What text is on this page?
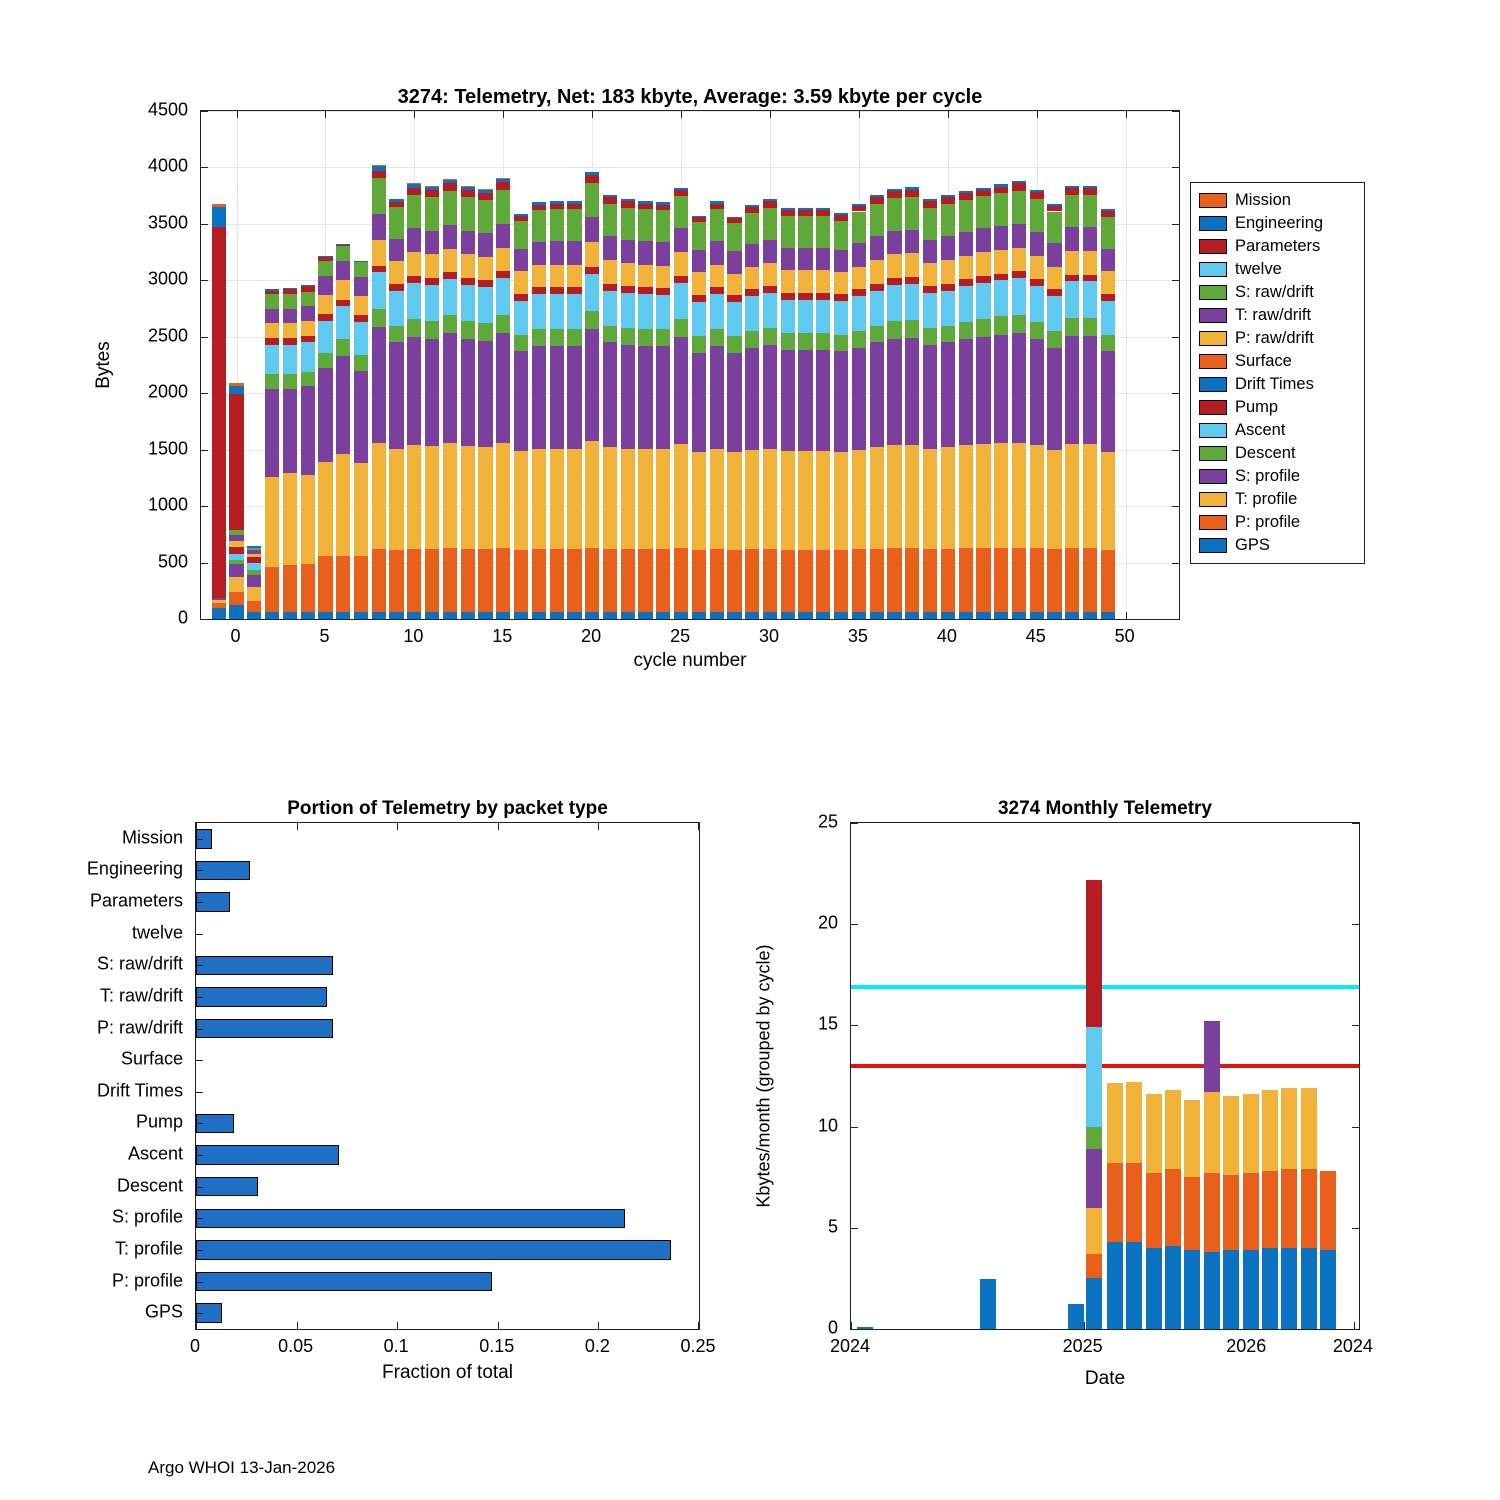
3274: Telemetry, Net: 183 kbyte, Average: 3.59 kbyte per cycle
Bytes
cycle number
0
500
1000
1500
2000
2500
3000
3500
4000
4500
0	5	10	15	20	25	30	35	40	45	50
Mission
Engineering
Parameters
twelve
S: raw/drift
T: raw/drift
P: raw/drift
Surface
Drift Times
Pump
Ascent
Descent
S: profile
T: profile
P: profile
GPS
Portion of Telemetry by packet type
Fraction of total
0	0.05	0.1	0.15	0.2	0.25
Mission
Engineering
Parameters
twelve
S: raw/drift
T: raw/drift
P: raw/drift
Surface
Drift Times
Pump
Ascent
Descent
S: profile
T: profile
P: profile
GPS
3274 Monthly Telemetry
Kbytes/month (grouped by cycle)
Date
0
5
10
15
20
25
2024	2025	2026	2024
Argo WHOI 13-Jan-2026
